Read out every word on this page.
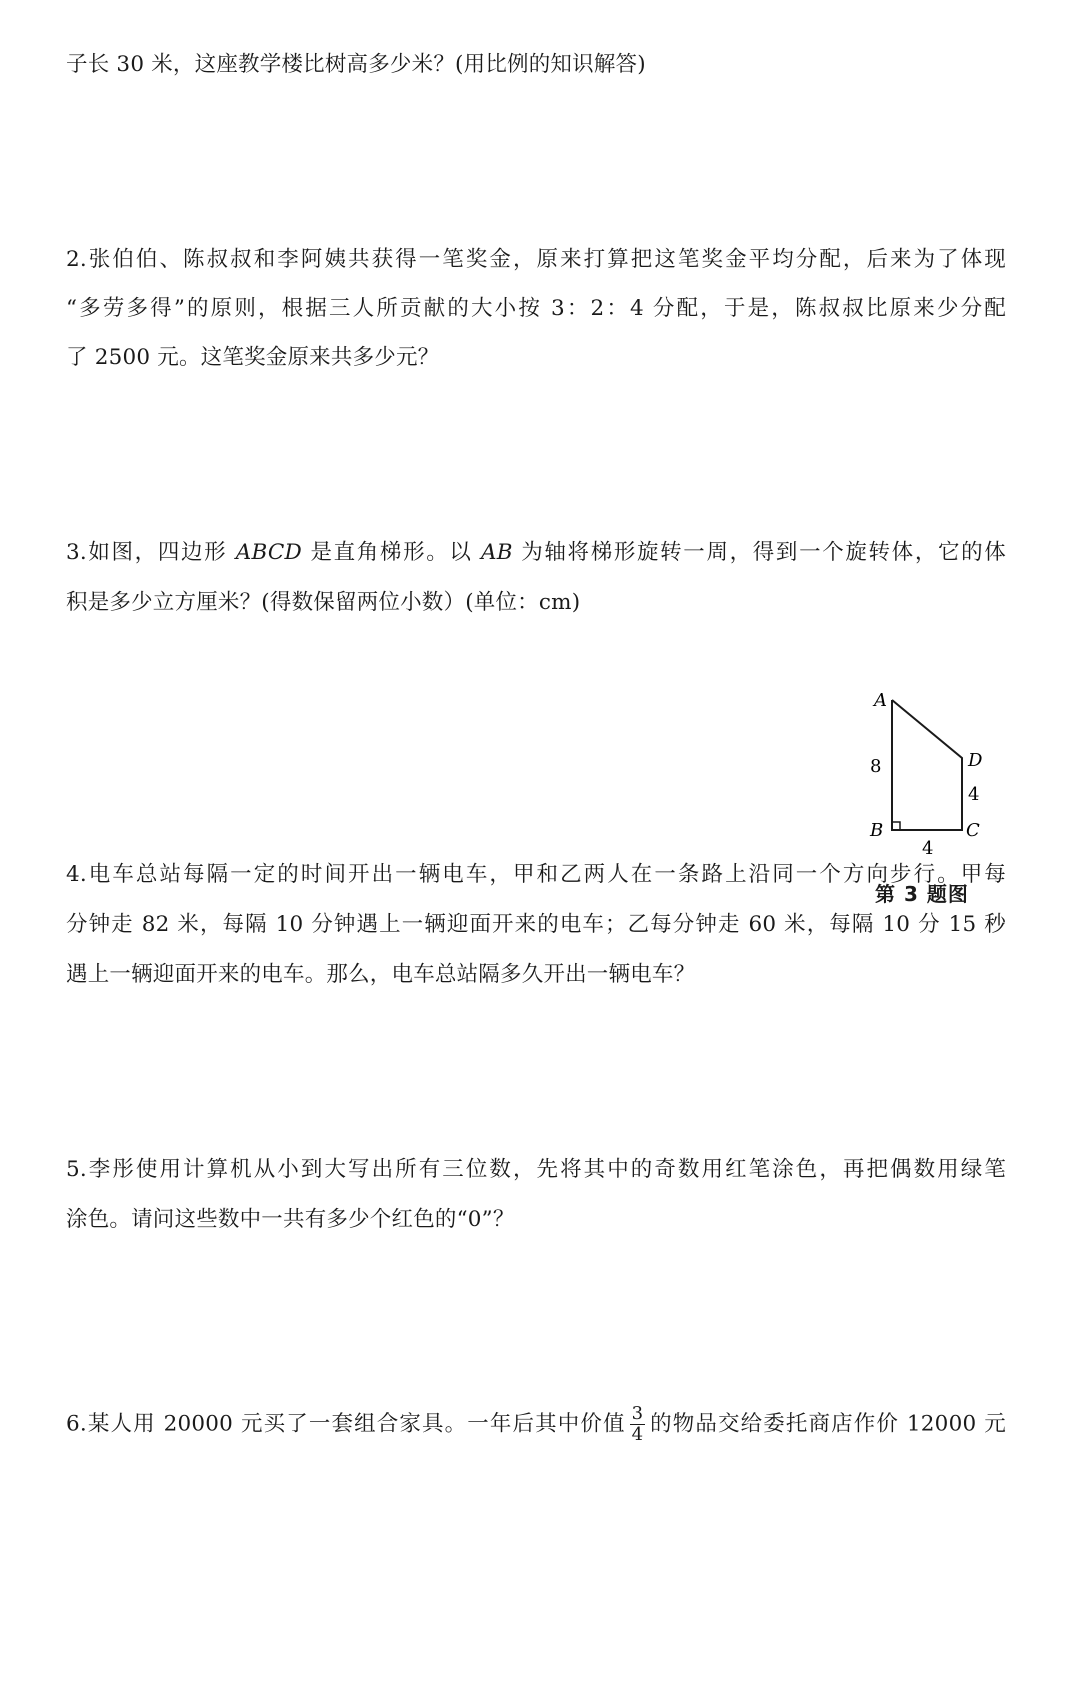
子长 30 米，这座教学楼比树高多少米？(用比例的知识解答)
2.张伯伯、陈叔叔和李阿姨共获得一笔奖金，原来打算把这笔奖金平均分配，后来为了体现
“多劳多得”的原则，根据三人所贡献的大小按 3：2：4 分配，于是，陈叔叔比原来少分配
了 2500 元。这笔奖金原来共多少元？
3.如图，四边形 ABCD 是直角梯形。以 AB 为轴将梯形旋转一周，得到一个旋转体，它的体
积是多少立方厘米？(得数保留两位小数）(单位：cm)
A
8	D
4
B	C
4
第 3 题图
4.电车总站每隔一定的时间开出一辆电车，甲和乙两人在一条路上沿同一个方向步行。甲每
分钟走 82 米，每隔 10 分钟遇上一辆迎面开来的电车；乙每分钟走 60 米，每隔 10 分 15 秒
遇上一辆迎面开来的电车。那么，电车总站隔多久开出一辆电车？
5.李彤使用计算机从小到大写出所有三位数，先将其中的奇数用红笔涂色，再把偶数用绿笔
涂色。请问这些数中一共有多少个红色的“0”？
6.某人用 20000 元买了一套组合家具。一年后其中价值 $\frac{3}{4}$ 的物品交给委托商店作价 12000 元
